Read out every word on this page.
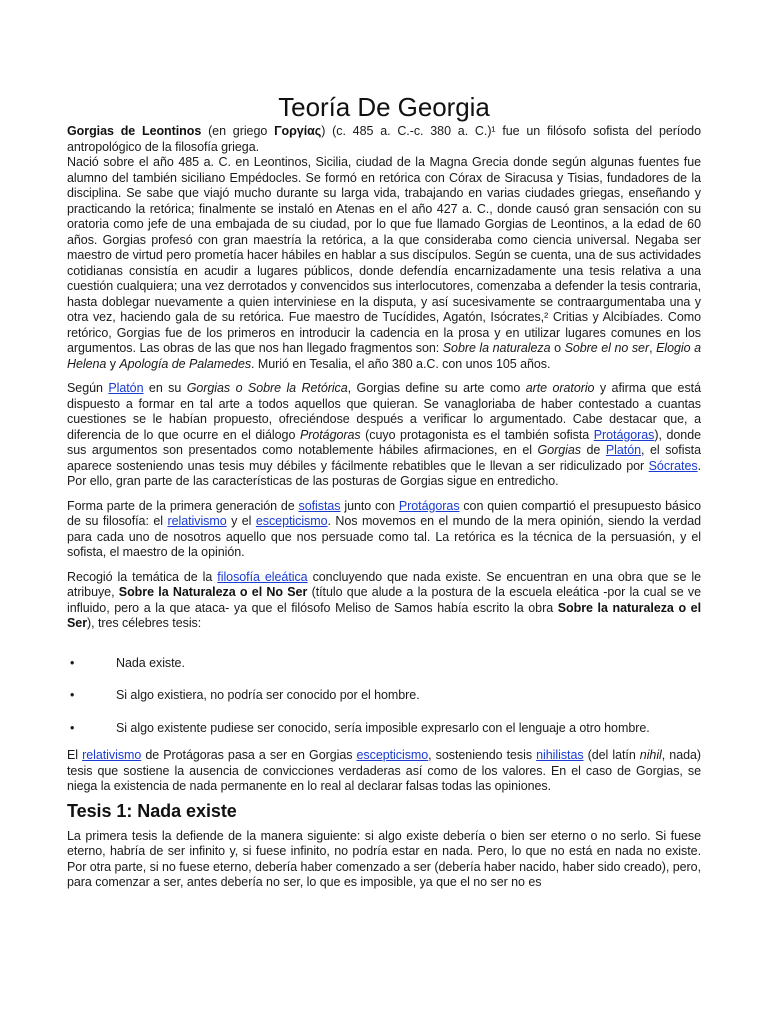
Teoría De Georgia

Gorgias de Leontinos (en griego Γοργίας) (c. 485 a. C.-c. 380 a. C.)¹ fue un filósofo sofista del período antropológico de la filosofía griega.

Nació sobre el año 485 a. C. en Leontinos, Sicilia, ciudad de la Magna Grecia donde según algunas fuentes fue alumno del también siciliano Empédocles. Se formó en retórica con Córax de Siracusa y Tisias, fundadores de la disciplina. Se sabe que viajó mucho durante su larga vida, trabajando en varias ciudades griegas, enseñando y practicando la retórica; finalmente se instaló en Atenas en el año 427 a. C., donde causó gran sensación con su oratoria como jefe de una embajada de su ciudad, por lo que fue llamado Gorgias de Leontinos, a la edad de 60 años. Gorgias profesó con gran maestría la retórica, a la que consideraba como ciencia universal. Negaba ser maestro de virtud pero prometía hacer hábiles en hablar a sus discípulos. Según se cuenta, una de sus actividades cotidianas consistía en acudir a lugares públicos, donde defendía encarnizadamente una tesis relativa a una cuestión cualquiera; una vez derrotados y convencidos sus interlocutores, comenzaba a defender la tesis contraria, hasta doblegar nuevamente a quien interviniese en la disputa, y así sucesivamente se contraargumentaba una y otra vez, haciendo gala de su retórica. Fue maestro de Tucídides, Agatón, Isócrates,² Critias y Alcibíades. Como retórico, Gorgias fue de los primeros en introducir la cadencia en la prosa y en utilizar lugares comunes en los argumentos. Las obras de las que nos han llegado fragmentos son: Sobre la naturaleza o Sobre el no ser, Elogio a Helena y Apología de Palamedes. Murió en Tesalia, el año 380 a.C. con unos 105 años.

Según Platón en su Gorgias o Sobre la Retórica, Gorgias define su arte como arte oratorio y afirma que está dispuesto a formar en tal arte a todos aquellos que quieran. Se vanagloriaba de haber contestado a cuantas cuestiones se le habían propuesto, ofreciéndose después a verificar lo argumentado. Cabe destacar que, a diferencia de lo que ocurre en el diálogo Protágoras (cuyo protagonista es el también sofista Protágoras), donde sus argumentos son presentados como notablemente hábiles afirmaciones, en el Gorgias de Platón, el sofista aparece sosteniendo unas tesis muy débiles y fácilmente rebatibles que le llevan a ser ridiculizado por Sócrates. Por ello, gran parte de las características de las posturas de Gorgias sigue en entredicho.

Forma parte de la primera generación de sofistas junto con Protágoras con quien compartió el presupuesto básico de su filosofía: el relativismo y el escepticismo. Nos movemos en el mundo de la mera opinión, siendo la verdad para cada uno de nosotros aquello que nos persuade como tal. La retórica es la técnica de la persuasión, y el sofista, el maestro de la opinión.

Recogió la temática de la filosofía eleática concluyendo que nada existe. Se encuentran en una obra que se le atribuye, Sobre la Naturaleza o el No Ser (título que alude a la postura de la escuela eleática -por la cual se ve influido, pero a la que ataca- ya que el filósofo Meliso de Samos había escrito la obra Sobre la naturaleza o el Ser), tres célebres tesis:

•	Nada existe.
•	Si algo existiera, no podría ser conocido por el hombre.
•	Si algo existente pudiese ser conocido, sería imposible expresarlo con el lenguaje a otro hombre.

El relativismo de Protágoras pasa a ser en Gorgias escepticismo, sosteniendo tesis nihilistas (del latín nihil, nada) tesis que sostiene la ausencia de convicciones verdaderas así como de los valores. En el caso de Gorgias, se niega la existencia de nada permanente en lo real al declarar falsas todas las opiniones.

Tesis 1: Nada existe

La primera tesis la defiende de la manera siguiente: si algo existe debería o bien ser eterno o no serlo. Si fuese eterno, habría de ser infinito y, si fuese infinito, no podría estar en nada. Pero, lo que no está en nada no existe. Por otra parte, si no fuese eterno, debería haber comenzado a ser (debería haber nacido, haber sido creado), pero, para comenzar a ser, antes debería no ser, lo que es imposible, ya que el no ser no es
